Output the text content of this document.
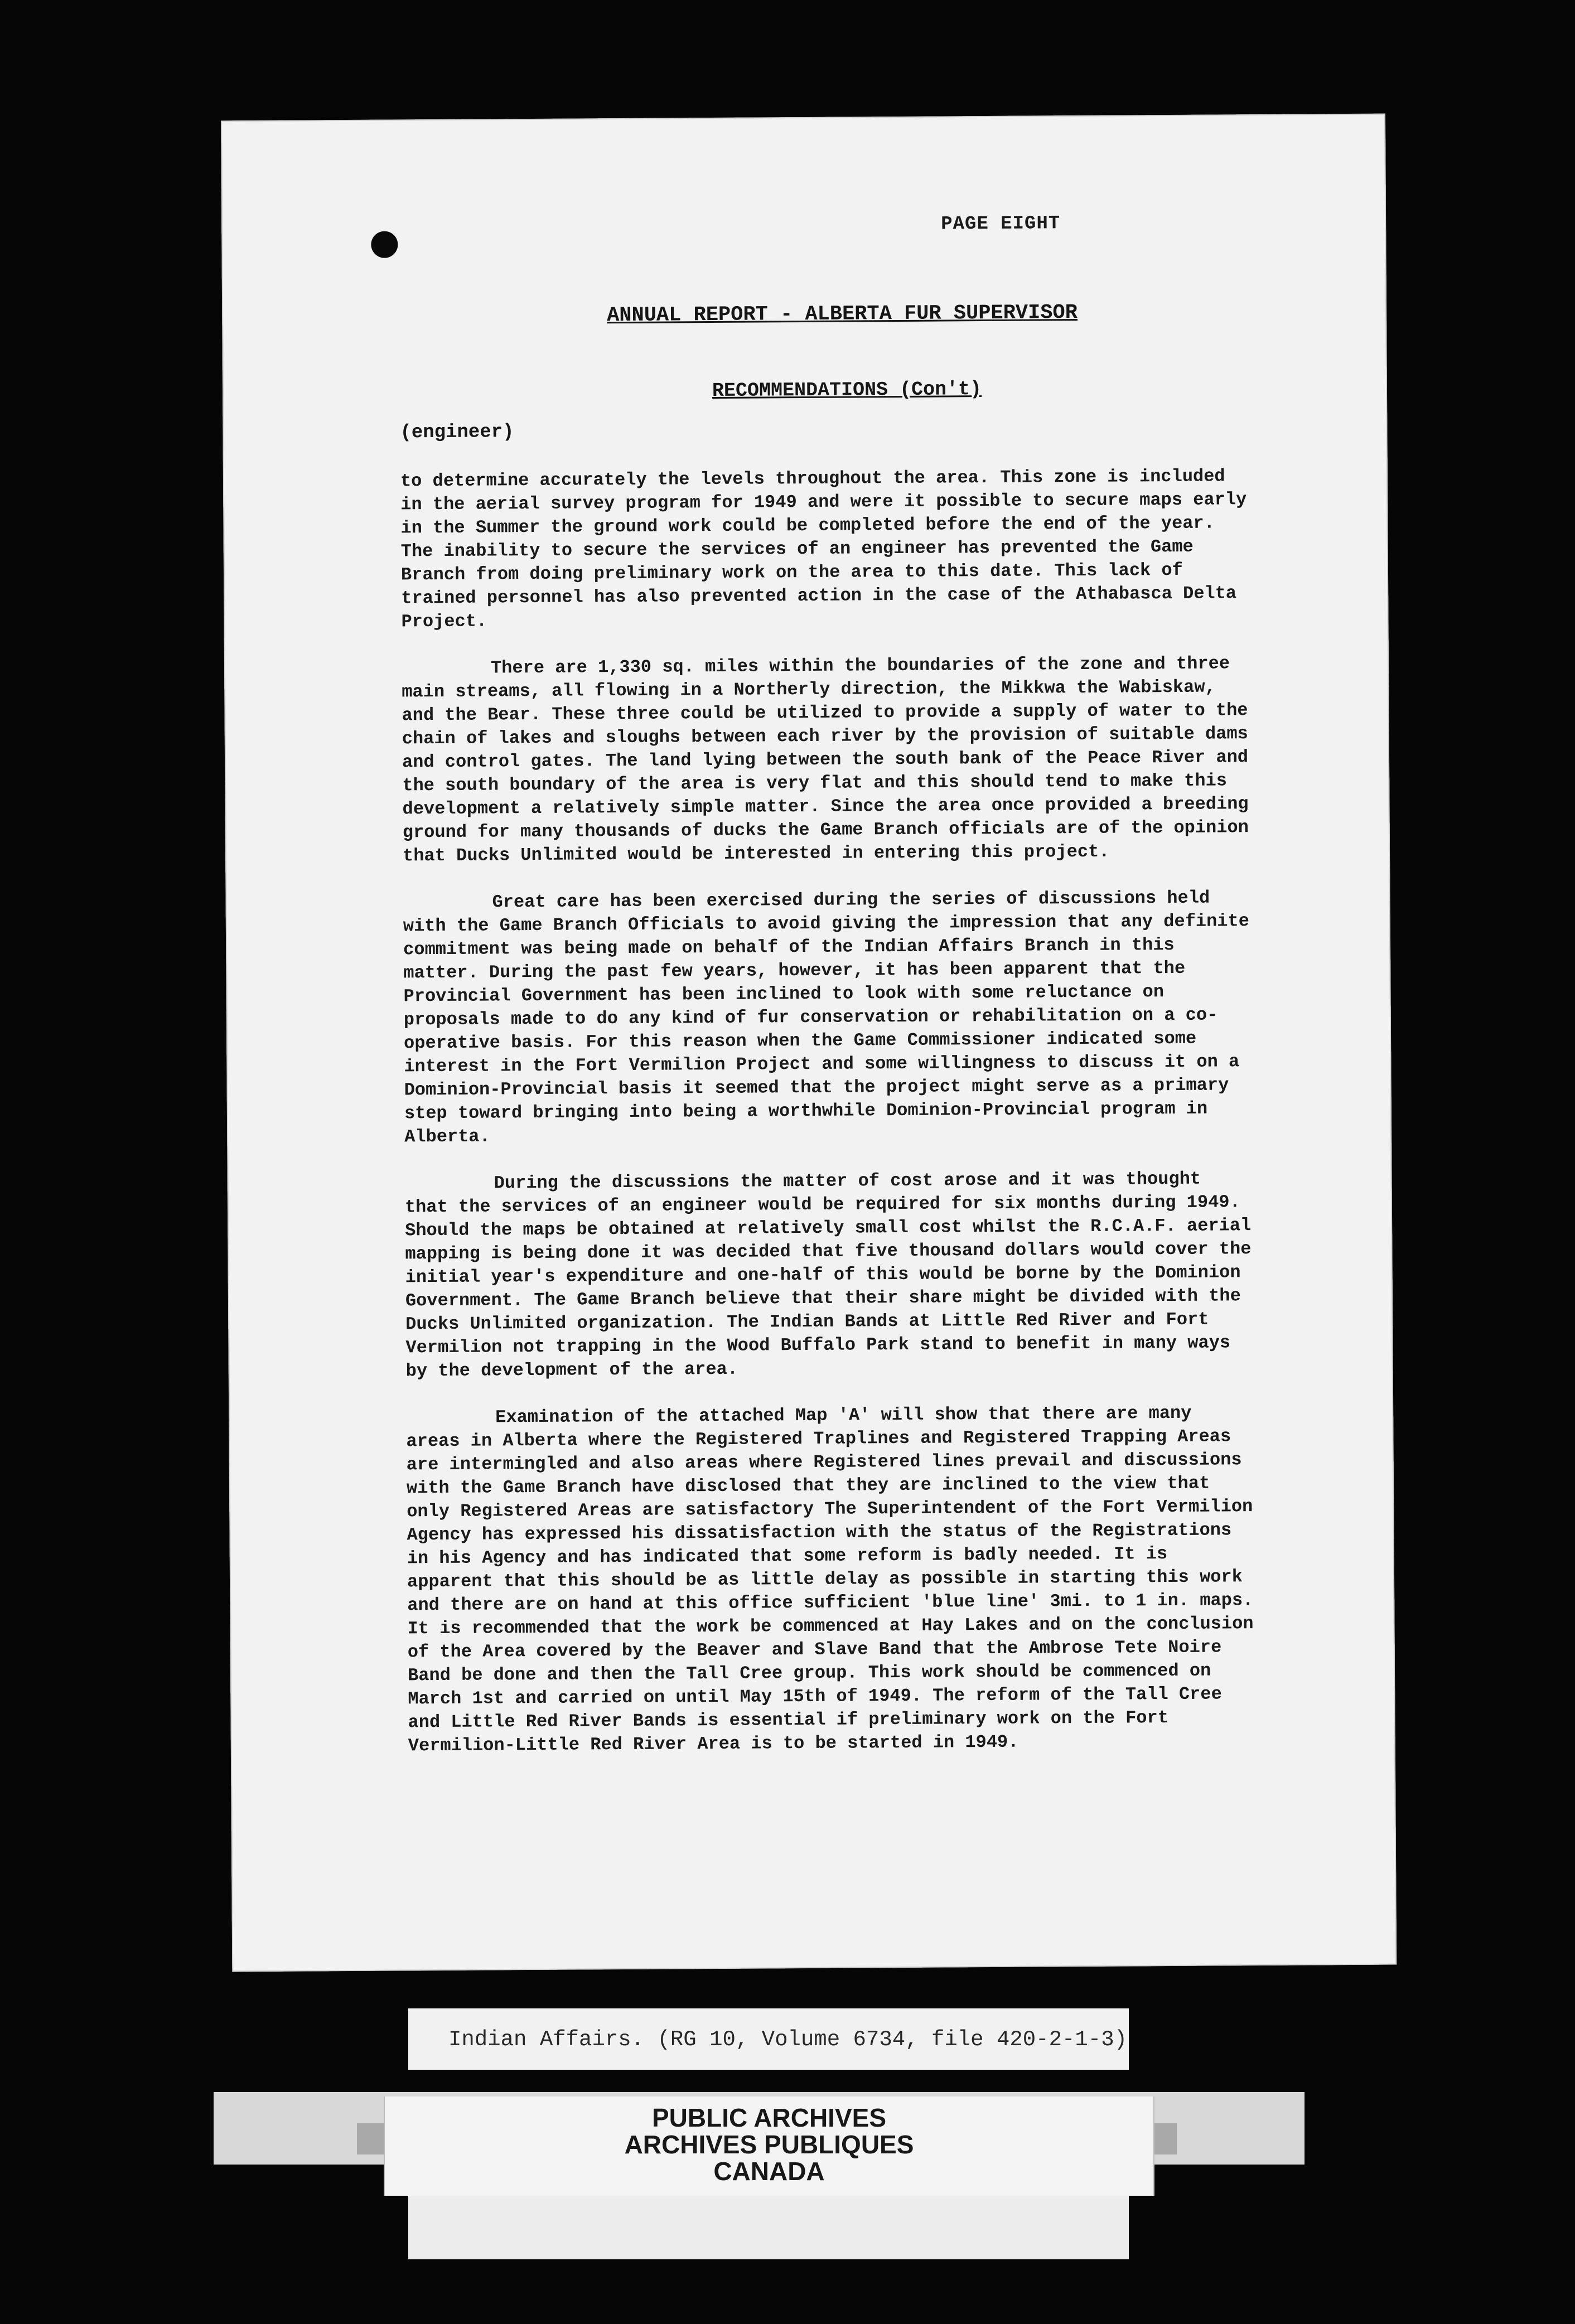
PAGE EIGHT
ANNUAL REPORT - ALBERTA FUR SUPERVISOR
RECOMMENDATIONS (Con't)
(engineer)

to determine accurately the levels throughout the area. This zone is included in the aerial survey program for 1949 and were it possible to secure maps early in the Summer the ground work could be completed before the end of the year. The inability to secure the services of an engineer has prevented the Game Branch from doing preliminary work on the area to this date. This lack of trained personnel has also prevented action in the case of the Athabasca Delta Project.

There are 1,330 sq. miles within the boundaries of the zone and three main streams, all flowing in a Northerly direction, the Mikkwa the Wabiskaw, and the Bear. These three could be utilized to provide a supply of water to the chain of lakes and sloughs between each river by the provision of suitable dams and control gates. The land lying between the south bank of the Peace River and the south boundary of the area is very flat and this should tend to make this development a relatively simple matter. Since the area once provided a breeding ground for many thousands of ducks the Game Branch officials are of the opinion that Ducks Unlimited would be interested in entering this project.

Great care has been exercised during the series of discussions held with the Game Branch Officials to avoid giving the impression that any definite commitment was being made on behalf of the Indian Affairs Branch in this matter. During the past few years, however, it has been apparent that the Provincial Government has been inclined to look with some reluctance on proposals made to do any kind of fur conservation or rehabilitation on a co-operative basis. For this reason when the Game Commissioner indicated some interest in the Fort Vermilion Project and some willingness to discuss it on a Dominion-Provincial basis it seemed that the project might serve as a primary step toward bringing into being a worthwhile Dominion-Provincial program in Alberta.

During the discussions the matter of cost arose and it was thought that the services of an engineer would be required for six months during 1949. Should the maps be obtained at relatively small cost whilst the R.C.A.F. aerial mapping is being done it was decided that five thousand dollars would cover the initial year's expenditure and one-half of this would be borne by the Dominion Government. The Game Branch believe that their share might be divided with the Ducks Unlimited organization. The Indian Bands at Little Red River and Fort Vermilion not trapping in the Wood Buffalo Park stand to benefit in many ways by the development of the area.

Examination of the attached Map 'A' will show that there are many areas in Alberta where the Registered Traplines and Registered Trapping Areas are intermingled and also areas where Registered lines prevail and discussions with the Game Branch have disclosed that they are inclined to the view that only Registered Areas are satisfactory The Superintendent of the Fort Vermilion Agency has expressed his dissatisfaction with the status of the Registrations in his Agency and has indicated that some reform is badly needed. It is apparent that this should be as little delay as possible in starting this work and there are on hand at this office sufficient 'blue line' 3mi. to 1 in. maps. It is recommended that the work be commenced at Hay Lakes and on the conclusion of the Area covered by the Beaver and Slave Band that the Ambrose Tete Noire Band be done and then the Tall Cree group. This work should be commenced on March 1st and carried on until May 15th of 1949. The reform of the Tall Cree and Little Red River Bands is essential if preliminary work on the Fort Vermilion-Little Red River Area is to be started in 1949.

Indian Affairs. (RG 10, Volume 6734, file 420-2-1-3)
PUBLIC ARCHIVES
ARCHIVES PUBLIQUES
CANADA
